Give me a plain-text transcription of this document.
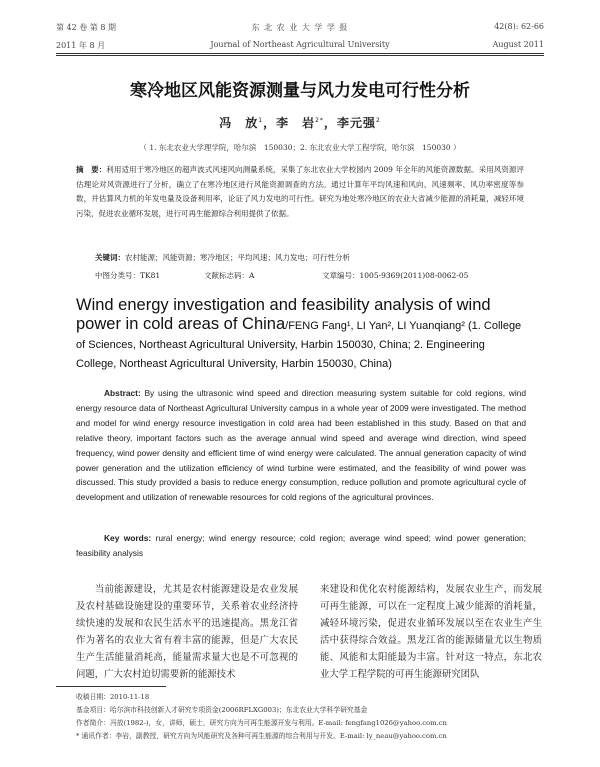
第 42 卷 第 8 期	东 北 农 业 大 学 学 报	42(8): 62-66
2011 年 8 月	Journal of Northeast Agricultural University	August 2011
寒冷地区风能资源测量与风力发电可行性分析
冯　放$^1$，李　岩$^{2*}$，李元强$^2$
（ 1. 东北农业大学理学院，哈尔滨　150030；2. 东北农业大学工程学院，哈尔滨　150030 ）
摘　要：利用适用于寒冷地区的超声波式风速风向测量系统，采集了东北农业大学校园内 2009 年全年的风能资源数据。采用风资源评估理论对风资源进行了分析，确立了在寒冷地区进行风能资源调查的方法。通过计算年平均风速和风向、风速频率、风功率密度等参数，并估算风力机的年发电量及设备利用率，论证了风力发电的可行性。研究为地处寒冷地区的农业大省减少能源的消耗量，减轻环境污染，促进农业循环发展，进行可再生能源综合利用提供了依据。
关键词：农村能源；风能资源；寒冷地区；平均风速；风力发电；可行性分析
中图分类号：TK81	文献标志码：A	文章编号：1005-9369(2011)08-0062-05
Wind energy investigation and feasibility analysis of wind power in cold areas of China/FENG Fang¹, LI Yan², LI Yuanqiang² (1. College of Sciences, Northeast Agricultural University, Harbin 150030, China; 2. Engineering College, Northeast Agricultural University, Harbin 150030, China)
Abstract: By using the ultrasonic wind speed and direction measuring system suitable for cold regions, wind energy resource data of Northeast Agricultural University campus in a whole year of 2009 were investigated. The method and model for wind energy resource investigation in cold area had been established in this study. Based on that and relative theory, important factors such as the average annual wind speed and average wind direction, wind speed frequency, wind power density and efficient time of wind energy were calculated. The annual generation capacity of wind power generation and the utilization efficiency of wind turbine were estimated, and the feasibility of wind power was discussed. This study provided a basis to reduce energy consumption, reduce pollution and promote agricultural cycle of development and utilization of renewable resources for cold regions of the agricultural provinces.
Key words: rural energy; wind energy resource; cold region; average wind speed; wind power generation; feasibility analysis
当前能源建设，尤其是农村能源建设是农业发展及农村基础设施建设的重要环节，关系着农业经济持续快速的发展和农民生活水平的迅速提高。黑龙江省作为著名的农业大省有着丰富的能源，但是广大农民生产生活能量消耗高，能量需求量大也是不可忽视的问题，广大农村迫切需要新的能源技术
来建设和优化农村能源结构，发展农业生产，而发展可再生能源，可以在一定程度上减少能源的消耗量，减轻环境污染，促进农业循环发展以至在农业生产生活中获得综合效益。黑龙江省的能源储量尤以生物质能、风能和太阳能最为丰富。针对这一特点，东北农业大学工程学院的可再生能源研究团队
收稿日期：2010-11-18
基金项目：哈尔滨市科技创新人才研究专项资金(2006RFLXG003)；东北农业大学科学研究基金
作者简介：冯放(1982-)，女，讲师，硕士，研究方向为可再生能源开发与利用。E-mail: fengfang1026@yahoo.com.cn
* 通讯作者：李岩，副教授，研究方向为风能研究及各种可再生能源的综合利用与开发。E-mail: ly_neau@yahoo.com.cn
